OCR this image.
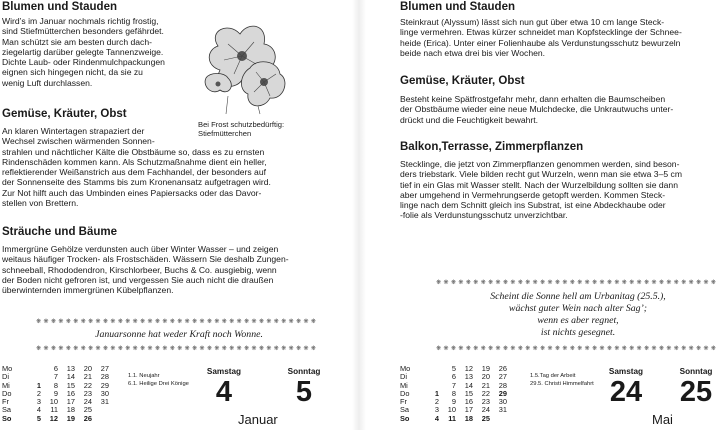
Blumen und Stauden

Wird’s im Januar nochmals richtig frostig,
sind Stiefmütterchen besonders gefährdet.
Man schützt sie am besten durch dach-
ziegelartig darüber gelegte Tannenzweige.
Dichte Laub- oder Rindenmulchpackungen
eignen sich hingegen nicht, da sie zu
wenig Luft durchlassen.

Bei Frost schutzbedürftig:
Stiefmütterchen
Gemüse, Kräuter, Obst

An klaren Wintertagen strapaziert der
Wechsel zwischen wärmenden Sonnen-
strahlen und nächtlicher Kälte die Obstbäume so, dass es zu ernsten
Rindenschäden kommen kann. Als Schutzmaßnahme dient ein heller,
reflektierender Weißanstrich aus dem Fachhandel, der besonders auf
der Sonnenseite des Stamms bis zum Kronenansatz aufgetragen wird.
Zur Not hilft auch das Umbinden eines Papiersacks oder das Davor-
stellen von Brettern.

Sträuche und Bäume

Immergrüne Gehölze verdunsten auch über Winter Wasser – und zeigen
weitaus häufiger Trocken- als Frostschäden. Wässern Sie deshalb Zungen-
schneeball, Rhododendron, Kirschlorbeer, Buchs & Co. ausgiebig, wenn
der Boden nicht gefroren ist, und vergessen Sie auch nicht die draußen
überwinternden immergrünen Kübelpflanzen.

❋❋❋❋❋❋❋❋❋❋❋❋❋❋❋❋❋❋❋❋❋❋❋❋❋❋❋❋❋❋❋❋❋❋❋❋❋❋
Januarsonne hat weder Kraft noch Wonne.
❋❋❋❋❋❋❋❋❋❋❋❋❋❋❋❋❋❋❋❋❋❋❋❋❋❋❋❋❋❋❋❋❋❋❋❋❋❋
Mo		6	13	20	27
Di		7	14	21	28
Mi	1	8	15	22	29
Do	2	9	16	23	30
Fr	3	10	17	24	31
Sa	4	11	18	25	
So	5	12	19	26	
1.1. Neujahr
6.1. Heilige Drei Könige
Samstag
4
Sonntag
5
Januar
Blumen und Stauden

Steinkraut (Alyssum) lässt sich nun gut über etwa 10 cm lange Steck-
linge vermehren. Etwas kürzer schneidet man Kopfstecklinge der Schnee-
heide (Erica). Unter einer Folienhaube als Verdunstungsschutz bewurzeln
beide nach etwa drei bis vier Wochen.

Gemüse, Kräuter, Obst

Besteht keine Spätfrostgefahr mehr, dann erhalten die Baumscheiben
der Obstbäume wieder eine neue Mulchdecke, die Unkrautwuchs unter-
drückt und die Feuchtigkeit bewahrt.

Balkon,Terrasse, Zimmerpflanzen

Stecklinge, die jetzt von Zimmerpflanzen genommen werden, sind beson-
ders triebstark. Viele bilden recht gut Wurzeln, wenn man sie etwa 3–5 cm
tief in ein Glas mit Wasser stellt. Nach der Wurzelbildung sollten sie dann
aber umgehend in Vermehrungserde getopft werden. Kommen Steck-
linge nach dem Schnitt gleich ins Substrat, ist eine Abdeckhaube oder
-folie als Verdunstungsschutz unverzichtbar.

❋❋❋❋❋❋❋❋❋❋❋❋❋❋❋❋❋❋❋❋❋❋❋❋❋❋❋❋❋❋❋❋❋❋❋❋❋❋
Scheint die Sonne hell am Urbanitag (25.5.),
wächst guter Wein nach alter Sag’;
wenn es aber regnet,
ist nichts gesegnet.
❋❋❋❋❋❋❋❋❋❋❋❋❋❋❋❋❋❋❋❋❋❋❋❋❋❋❋❋❋❋❋❋❋❋❋❋❋❋
Mo		5	12	19	26
Di		6	13	20	27
Mi		7	14	21	28
Do	1	8	15	22	29
Fr	2	9	16	23	30
Sa	3	10	17	24	31
So	4	11	18	25	
1.5.Tag der Arbeit
29.5. Christi Himmelfahrt
Samstag
24
Sonntag
25
Mai
